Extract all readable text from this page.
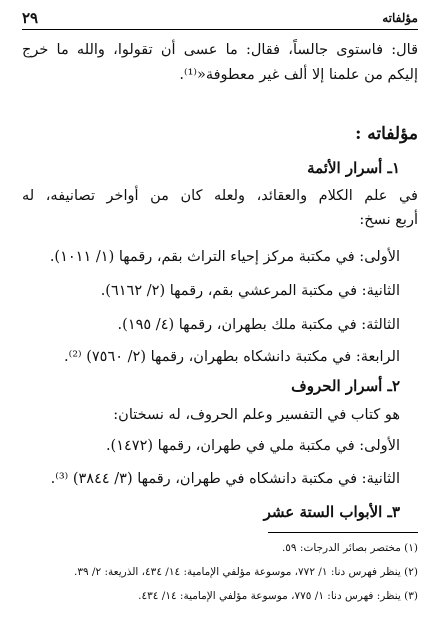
مؤلفاته
٢٩
قال: فاستوى جالساً، فقال: ما عسى أن تقولوا، والله ما خرج
إليكم من علمنا إلا ألف غير معطوفة«⁽¹⁾.
مؤلفاته :
١ـ أسرار الأئمة
في علم الكلام والعقائد، ولعله كان من أواخر تصانيفه، له
أربع نسخ:
الأولى: في مكتبة مركز إحياء التراث بقم، رقمها (١/ ١٠١١).
الثانية: في مكتبة المرعشي بقم، رقمها (٢/ ٦١٦٢).
الثالثة: في مكتبة ملك بطهران، رقمها (٤/ ١٩٥).
الرابعة: في مكتبة دانشكاه بطهران، رقمها (٢/ ٧٥٦٠) ⁽²⁾.
٢ـ أسرار الحروف
هو كتاب في التفسير وعلم الحروف، له نسختان:
الأولى: في مكتبة ملي في طهران، رقمها (١٤٧٢).
الثانية: في مكتبة دانشكاه في طهران، رقمها (٣/ ٣٨٤٤) ⁽³⁾.
٣ـ الأبواب الستة عشر
(١) مختصر بصائر الدرجات: ٥٩.
(٢) ينظر فهرس دنا: ١/ ٧٧٢، موسوعة مؤلفي الإمامية: ١٤/ ٤٣٤، الذريعة: ٢/ ٣٩.
(٣) ينظر: فهرس دنا: ١/ ٧٧٥، موسوعة مؤلفي الإمامية: ١٤/ ٤٣٤.
